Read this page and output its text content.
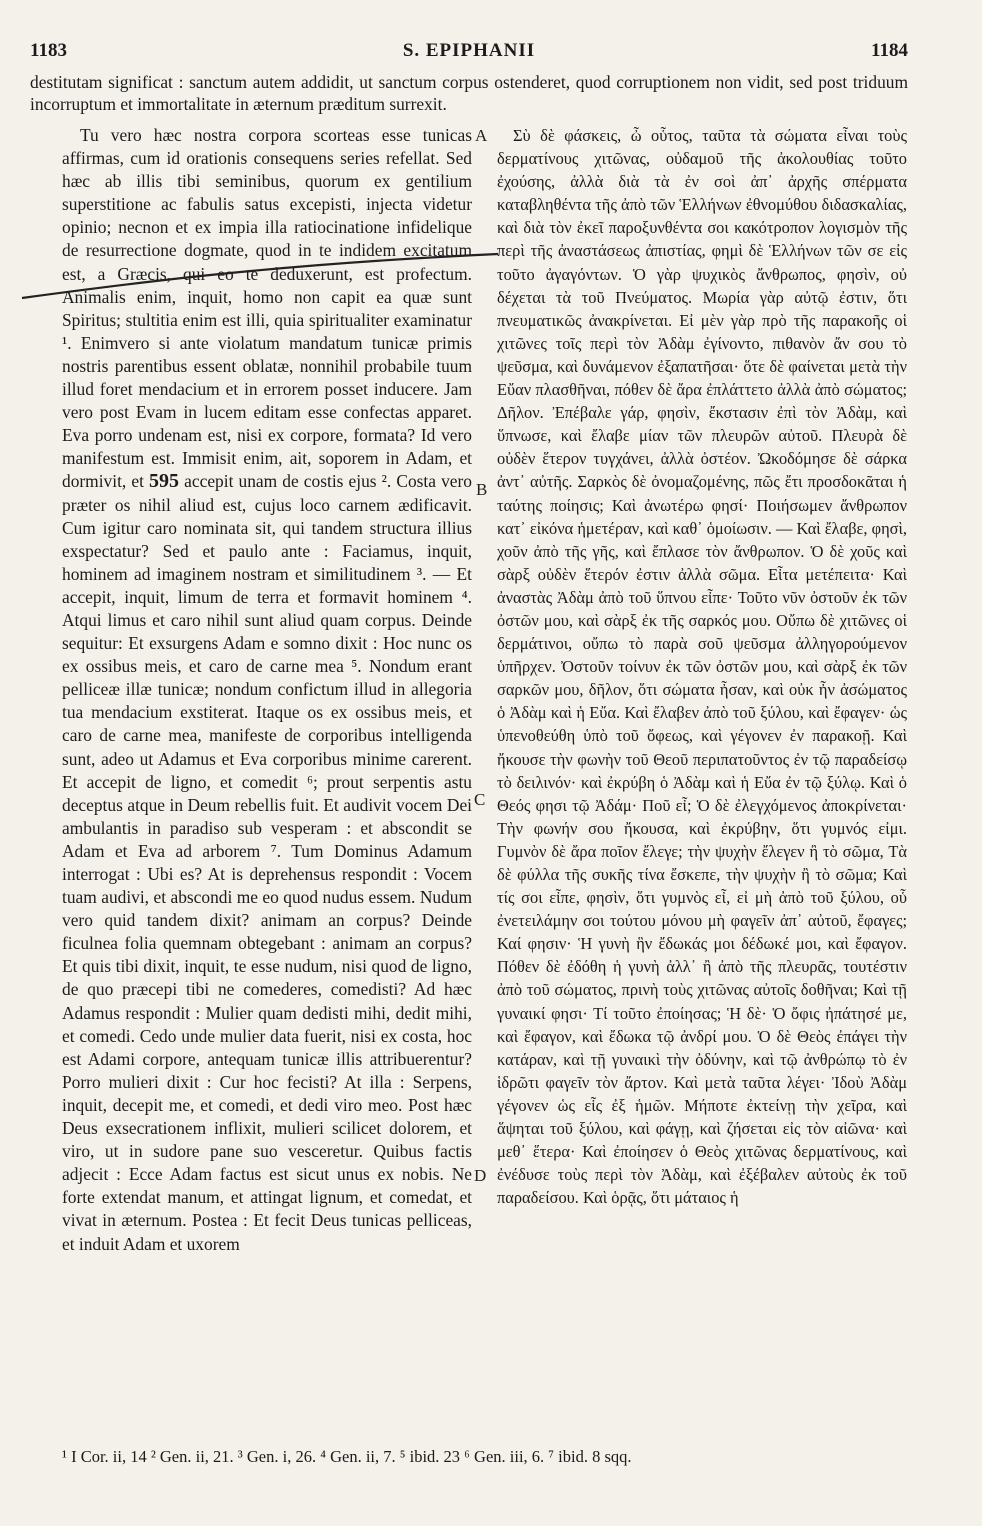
1183	S. EPIPHANII	1184
destitutam significat : sanctum autem addidit, ut sanctum corpus ostenderet, quod corruptionem non vidit, sed post triduum incorruptum et immortalitate in æternum præditum surrexit.

Tu vero hæc nostra corpora scorteas esse tunicas affirmas, cum id orationis consequens series refellat. Sed hæc ab illis tibi seminibus, quorum ex gentilium superstitione ac fabulis satus excepisti, injecta videtur opinio; necnon et ex impia illa ratiocinatione infidelique de resurrectione dogmate, quod in te indidem excitatum est, a Græcis, qui eo te deduxerunt, est profectum. Animalis enim, inquit, homo non capit ea quæ sunt Spiritus; stultitia enim est illi, quia spiritualiter examinatur ¹. Enimvero si ante violatum mandatum tunicæ primis nostris parentibus essent oblatæ, nonnihil probabile tuum illud foret mendacium et in errorem posset inducere. Jam vero post Evam in lucem editam esse confectas apparet. Eva porro undenam est, nisi ex corpore, formata? Id vero manifestum est. Immisit enim, ait, soporem in Adam, et dormivit, et 595 accepit unam de costis ejus ². Costa vero præter os nihil aliud est, cujus loco carnem ædificavit. Cum igitur caro nominata sit, qui tandem structura illius exspectatur? Sed et paulo ante : Faciamus, inquit, hominem ad imaginem nostram et similitudinem ³. — Et accepit, inquit, limum de terra et formavit hominem ⁴. Atqui limus et caro nihil sunt aliud quam corpus. Deinde sequitur: Et exsurgens Adam e somno dixit : Hoc nunc os ex ossibus meis, et caro de carne mea ⁵. Nondum erant pelliceæ illæ tunicæ; nondum confictum illud in allegoria tua mendacium exstiterat. Itaque os ex ossibus meis, et caro de carne mea, manifeste de corporibus intelligenda sunt, adeo ut Adamus et Eva corporibus minime carerent. Et accepit de ligno, et comedit ⁶; prout serpentis astu deceptus atque in Deum rebellis fuit. Et audivit vocem Dei ambulantis in paradiso sub vesperam : et abscondit se Adam et Eva ad arborem ⁷. Tum Dominus Adamum interrogat : Ubi es? At is deprehensus respondit : Vocem tuam audivi, et abscondi me eo quod nudus essem. Nudum vero quid tandem dixit? animam an corpus? Deinde ficulnea folia quemnam obtegebant : animam an corpus? Et quis tibi dixit, inquit, te esse nudum, nisi quod de ligno, de quo præcepi tibi ne comederes, comedisti? Ad hæc Adamus respondit : Mulier quam dedisti mihi, dedit mihi, et comedi. Cedo unde mulier data fuerit, nisi ex costa, hoc est Adami corpore, antequam tunicæ illis attribuerentur? Porro mulieri dixit : Cur hoc fecisti? At illa : Serpens, inquit, decepit me, et comedi, et dedi viro meo. Post hæc Deus exsecrationem inflixit, mulieri scilicet dolorem, et viro, ut in sudore pane suo vesceretur. Quibus factis adjecit : Ecce Adam factus est sicut unus ex nobis. Ne forte extendat manum, et attingat lignum, et comedat, et vivat in æternum. Postea : Et fecit Deus tunicas pelliceas, et induit Adam et uxorem

A
B
C
D

Σὺ δὲ φάσκεις, ὦ οὗτος, ταῦτα τὰ σώματα εἶναι τοὺς δερματίνους χιτῶνας, οὐδαμοῦ τῆς ἀκολουθίας τοῦτο ἐχούσης, ἀλλὰ διὰ τὰ ἐν σοὶ ἀπ᾽ ἀρχῆς σπέρματα καταβληθέντα τῆς ἀπὸ τῶν Ἑλλήνων ἐθνομύθου διδασκαλίας, καὶ διὰ τὸν ἐκεῖ παροξυνθέντα σοι κακότροπον λογισμὸν τῆς περὶ τῆς ἀναστάσεως ἀπιστίας, φημὶ δὲ Ἑλλήνων τῶν σε εἰς τοῦτο ἀγαγόντων. Ὁ γὰρ ψυχικὸς ἄνθρωπος, φησὶν, οὐ δέχεται τὰ τοῦ Πνεύματος. Μωρία γὰρ αὐτῷ ἐστιν, ὅτι πνευματικῶς ἀνακρίνεται. Εἰ μὲν γὰρ πρὸ τῆς παρακοῆς οἱ χιτῶνες τοῖς περὶ τὸν Ἀδὰμ ἐγίνοντο, πιθανὸν ἄν σου τὸ ψεῦσμα, καὶ δυνάμενον ἐξαπατῆσαι· ὅτε δὲ φαίνεται μετὰ τὴν Εὔαν πλασθῆναι, πόθεν δὲ ἄρα ἐπλάττετο ἀλλὰ ἀπὸ σώματος; Δῆλον. Ἐπέβαλε γάρ, φησὶν, ἔκστασιν ἐπὶ τὸν Ἀδὰμ, καὶ ὕπνωσε, καὶ ἔλαβε μίαν τῶν πλευρῶν αὐτοῦ. Πλευρὰ δὲ οὐδὲν ἕτερον τυγχάνει, ἀλλὰ ὀστέον. Ὠκοδόμησε δὲ σάρκα ἀντ᾽ αὐτῆς. Σαρκὸς δὲ ὀνομαζομένης, πῶς ἔτι προσδοκᾶται ἡ ταύτης ποίησις; Καὶ ἀνωτέρω φησί· Ποιήσωμεν ἄνθρωπον κατ᾽ εἰκόνα ἡμετέραν, καὶ καθ᾽ ὁμοίωσιν. — Καὶ ἔλαβε, φησὶ, χοῦν ἀπὸ τῆς γῆς, καὶ ἔπλασε τὸν ἄνθρωπον. Ὁ δὲ χοῦς καὶ σὰρξ οὐδὲν ἕτερόν ἐστιν ἀλλὰ σῶμα. Εἶτα μετέπειτα· Καὶ ἀναστὰς Ἀδὰμ ἀπὸ τοῦ ὕπνου εἶπε· Τοῦτο νῦν ὀστοῦν ἐκ τῶν ὀστῶν μου, καὶ σὰρξ ἐκ τῆς σαρκός μου. Οὔπω δὲ χιτῶνες οἱ δερμάτινοι, οὔπω τὸ παρὰ σοῦ ψεῦσμα ἀλληγορούμενον ὑπῆρχεν. Ὀστοῦν τοίνυν ἐκ τῶν ὀστῶν μου, καὶ σὰρξ ἐκ τῶν σαρκῶν μου, δῆλον, ὅτι σώματα ἦσαν, καὶ οὐκ ἦν ἀσώματος ὁ Ἀδὰμ καὶ ἡ Εὔα. Καὶ ἔλαβεν ἀπὸ τοῦ ξύλου, καὶ ἔφαγεν· ὡς ὑπενοθεύθη ὑπὸ τοῦ ὄφεως, καὶ γέγονεν ἐν παρακοῇ. Καὶ ἤκουσε τὴν φωνὴν τοῦ Θεοῦ περιπατοῦντος ἐν τῷ παραδείσῳ τὸ δειλινόν· καὶ ἐκρύβη ὁ Ἀδὰμ καὶ ἡ Εὔα ἐν τῷ ξύλῳ. Καὶ ὁ Θεός φησι τῷ Ἀδάμ· Ποῦ εἶ; Ὁ δὲ ἐλεγχόμενος ἀποκρίνεται· Τὴν φωνήν σου ἤκουσα, καὶ ἐκρύβην, ὅτι γυμνός εἰμι. Γυμνὸν δὲ ἄρα ποῖον ἔλεγε; τὴν ψυχὴν ἔλεγεν ἢ τὸ σῶμα, Τὰ δὲ φύλλα τῆς συκῆς τίνα ἔσκεπε, τὴν ψυχὴν ἢ τὸ σῶμα; Καὶ τίς σοι εἶπε, φησὶν, ὅτι γυμνὸς εἶ, εἰ μὴ ἀπὸ τοῦ ξύλου, οὗ ἐνετειλάμην σοι τούτου μόνου μὴ φαγεῖν ἀπ᾽ αὐτοῦ, ἔφαγες; Καί φησιν· Ἡ γυνὴ ἣν ἔδωκάς μοι δέδωκέ μοι, καὶ ἔφαγον. Πόθεν δὲ ἐδόθη ἡ γυνὴ ἀλλ᾽ ἢ ἀπὸ τῆς πλευρᾶς, τουτέστιν ἀπὸ τοῦ σώματος, πρινὴ τοὺς χιτῶνας αὐτοῖς δοθῆναι; Καὶ τῇ γυναικί φησι· Τί τοῦτο ἐποίησας; Ἡ δὲ· Ὁ ὄφις ἠπάτησέ με, καὶ ἔφαγον, καὶ ἔδωκα τῷ ἀνδρί μου. Ὁ δὲ Θεὸς ἐπάγει τὴν κατάραν, καὶ τῇ γυναικὶ τὴν ὀδύνην, καὶ τῷ ἀνθρώπῳ τὸ ἐν ἱδρῶτι φαγεῖν τὸν ἄρτον. Καὶ μετὰ ταῦτα λέγει· Ἰδοὺ Ἀδὰμ γέγονεν ὡς εἷς ἐξ ἡμῶν. Μήποτε ἐκτείνῃ τὴν χεῖρα, καὶ ἅψηται τοῦ ξύλου, καὶ φάγῃ, καὶ ζήσεται εἰς τὸν αἰῶνα· καὶ μεθ᾽ ἕτερα· Καὶ ἐποίησεν ὁ Θεὸς χιτῶνας δερματίνους, καὶ ἐνέδυσε τοὺς περὶ τὸν Ἀδὰμ, καὶ ἐξέβαλεν αὐτοὺς ἐκ τοῦ παραδείσου. Καὶ ὁρᾷς, ὅτι μάταιος ἡ

¹ I Cor. ii, 14 ² Gen. ii, 21. ³ Gen. i, 26. ⁴ Gen. ii, 7. ⁵ ibid. 23 ⁶ Gen. iii, 6. ⁷ ibid. 8 sqq.
